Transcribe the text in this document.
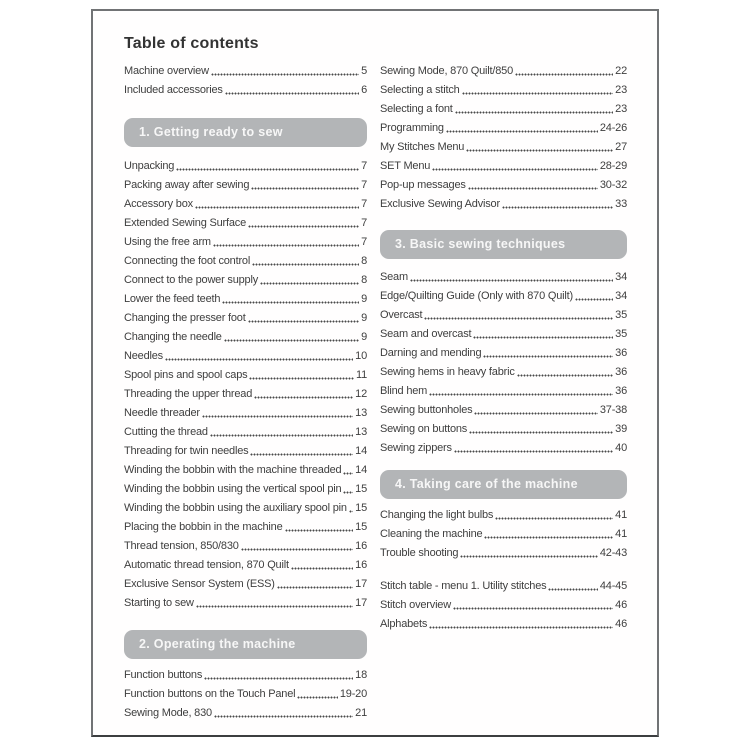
Table of contents
Machine overview	5
Included accessories	6
1. Getting ready to sew
Unpacking	7
Packing away after sewing	7
Accessory box	7
Extended Sewing Surface	7
Using the free arm	7
Connecting the foot control	8
Connect to the power supply	8
Lower the feed teeth	9
Changing the presser foot	9
Changing the needle	9
Needles	10
Spool pins and spool caps	11
Threading the upper thread	12
Needle threader	13
Cutting the thread	13
Threading for twin needles	14
Winding the bobbin with the machine threaded 14
Winding the bobbin using the vertical spool pin 15
Winding the bobbin using the auxiliary spool pin 15
Placing the bobbin in the machine	15
Thread tension, 850/830	16
Automatic thread tension, 870 Quilt	16
Exclusive Sensor System (ESS)	17
Starting to sew	17
2. Operating the machine
Function buttons	18
Function buttons on the Touch Panel	19-20
Sewing Mode, 830	21
Sewing Mode, 870 Quilt/850	22
Selecting a stitch	23
Selecting a font	23
Programming	24-26
My Stitches Menu	27
SET Menu	28-29
Pop-up messages	30-32
Exclusive Sewing Advisor	33
3. Basic sewing techniques
Seam	34
Edge/Quilting Guide (Only with 870 Quilt)	34
Overcast	35
Seam and overcast	35
Darning and mending	36
Sewing hems in heavy fabric	36
Blind hem	36
Sewing buttonholes	37-38
Sewing on buttons	39
Sewing zippers	40
4. Taking care of the machine
Changing the light bulbs	41
Cleaning the machine	41
Trouble shooting	42-43
Stitch table - menu 1. Utility stitches	44-45
Stitch overview	46
Alphabets	46
